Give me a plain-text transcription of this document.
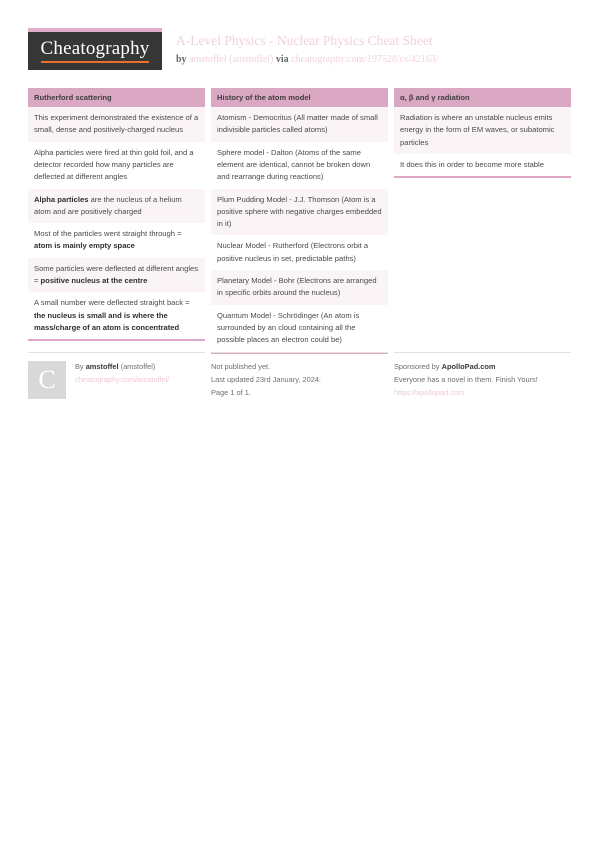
Cheatography A-Level Physics - Nuclear Physics Cheat Sheet
by amstoffel (amstoffel) via cheatography.com/197528/cs/42163/
Rutherford scattering
This experiment demonstrated the existence of a small, dense and positively-charged nucleus
Alpha particles were fired at thin gold foil, and a detector recorded how many particles are deflected at different angles
Alpha particles are the nucleus of a helium atom and are positively charged
Most of the particles went straight through = atom is mainly empty space
Some particles were deflected at different angles = positive nucleus at the centre
A small number were deflected straight back = the nucleus is small and is where the mass/charge of an atom is concentrated
History of the atom model
Atomism - Democritus (All matter made of small indivisible particles called atoms)
Sphere model - Dalton (Atoms of the same element are identical, cannot be broken down and rearrange during reactions)
Plum Pudding Model - J.J. Thomson (Atom is a positive sphere with negative charges embedded in it)
Nuclear Model - Rutherford (Electrons orbit a positive nucleus in set, predictable paths)
Planetary Model - Bohr (Electrons are arranged in specific orbits around the nucleus)
Quantum Model - Schrödinger (An atom is surrounded by an cloud containing all the possible places an electron could be)
α, β and γ radiation
Radiation is where an unstable nucleus emits energy in the form of EM waves, or subatomic particles
It does this in order to become more stable
C	By amstoffel (amstoffel)
cheatography.com/amstoffel/
Not published yet.
Last updated 23rd January, 2024.
Page 1 of 1.
Sponsored by ApolloPad.com
Everyone has a novel in them. Finish Yours!
https://apollopad.com
